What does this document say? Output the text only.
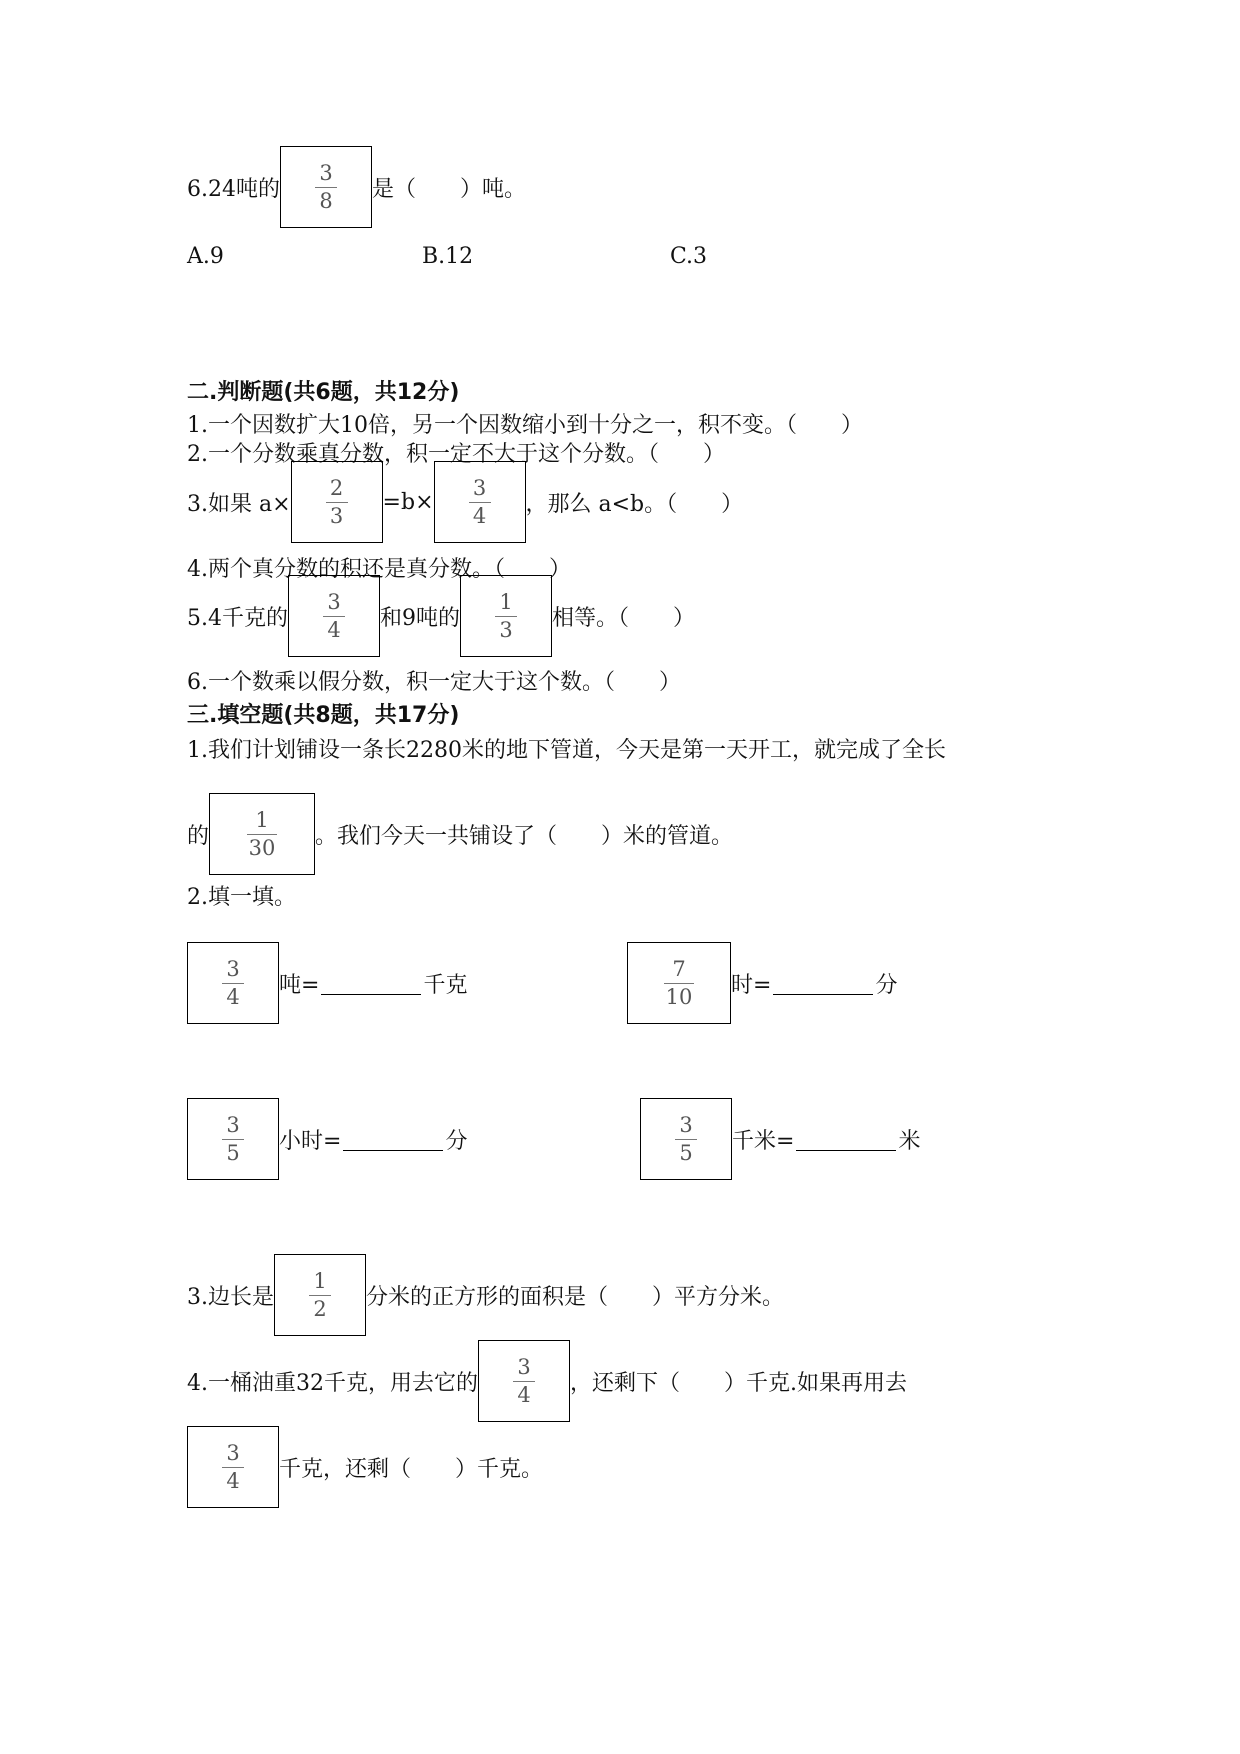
6.24吨的 $\frac{3}{8}$ 是（　　）吨。
A.9	B.12	C.3
二.判断题(共6题，共12分)
1.一个因数扩大10倍，另一个因数缩小到十分之一，积不变。（　　）
2.一个分数乘真分数，积一定不大于这个分数。（　　）
3.如果 $a\times \frac{2}{3} =b\times \frac{3}{4}$ ，那么 a<b。（　　）
4.两个真分数的积还是真分数。（　　）
5.4千克的 $\frac{3}{4}$ 和9吨的 $\frac{1}{3}$ 相等。（　　）
6.一个数乘以假分数，积一定大于这个数。（　　）
三.填空题(共8题，共17分)
1.我们计划铺设一条长2280米的地下管道，今天是第一天开工，就完成了全长
的 $\frac{1}{30}$ 。我们今天一共铺设了（　　）米的管道。
2.填一填。
$\frac{3}{4}$ 吨=	千克	$\frac{7}{10}$ 时=	分
$\frac{3}{5}$ 小时=	分	$\frac{3}{5}$ 千米=	米
3.边长是 $\frac{1}{2}$ 分米的正方形的面积是（　　）平方分米。
4.一桶油重32千克，用去它的 $\frac{3}{4}$ ，还剩下（　　）千克.如果再用去
$\frac{3}{4}$ 千克，还剩（　　）千克。
